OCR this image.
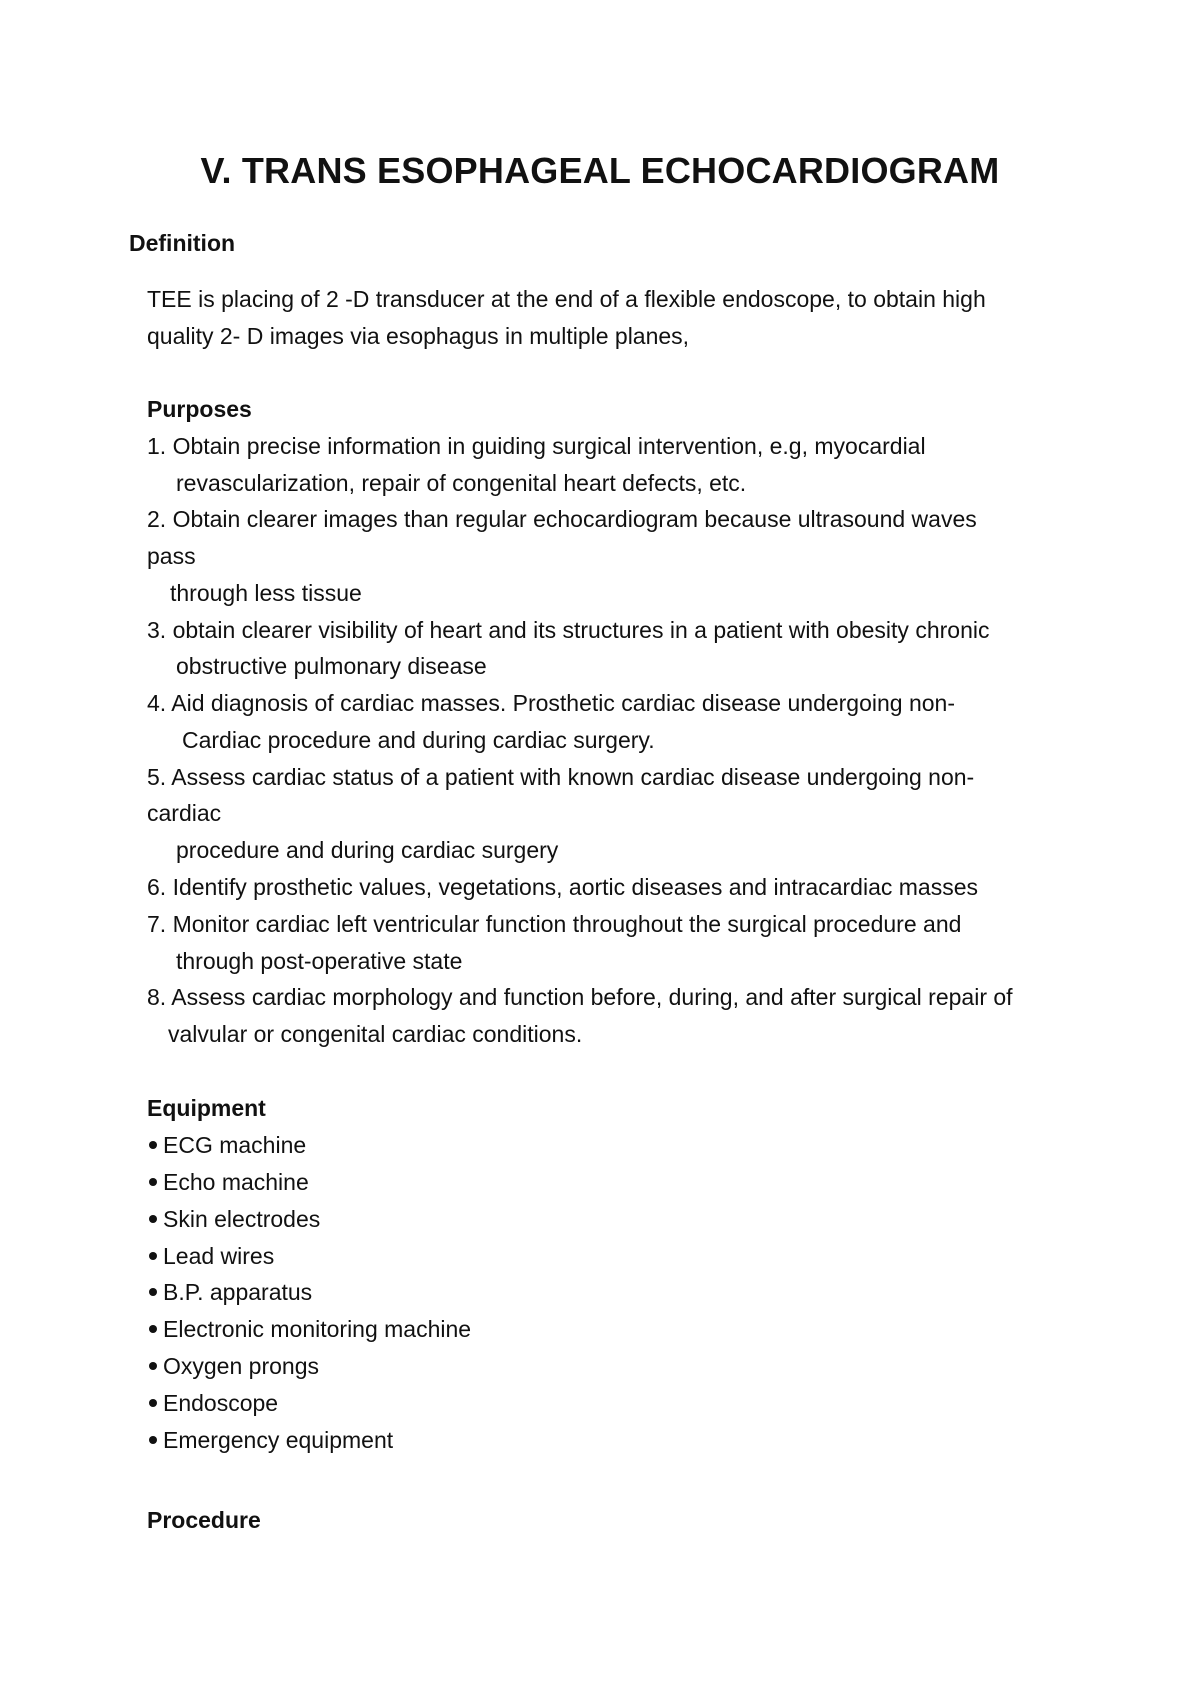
V. TRANS ESOPHAGEAL ECHOCARDIOGRAM

Definition

TEE is placing of 2 -D transducer at the end of a flexible endoscope, to obtain high

quality 2- D images via esophagus in multiple planes,

Purposes

1. Obtain precise information in guiding surgical intervention, e.g, myocardial

revascularization, repair of congenital heart defects, etc.

2. Obtain clearer images than regular echocardiogram because ultrasound waves

pass

through less tissue

3. obtain clearer visibility of heart and its structures in a patient with obesity chronic

obstructive pulmonary disease

4. Aid diagnosis of cardiac masses. Prosthetic cardiac disease undergoing non-

Cardiac procedure and during cardiac surgery.

5. Assess cardiac status of a patient with known cardiac disease undergoing non-

cardiac

procedure and during cardiac surgery

6. Identify prosthetic values, vegetations, aortic diseases and intracardiac masses

7. Monitor cardiac left ventricular function throughout the surgical procedure and

through post-operative state

8. Assess cardiac morphology and function before, during, and after surgical repair of

valvular or congenital cardiac conditions.

Equipment

ECG machine

Echo machine

Skin electrodes

Lead wires

B.P. apparatus

Electronic monitoring machine

Oxygen prongs

Endoscope

Emergency equipment

Procedure
